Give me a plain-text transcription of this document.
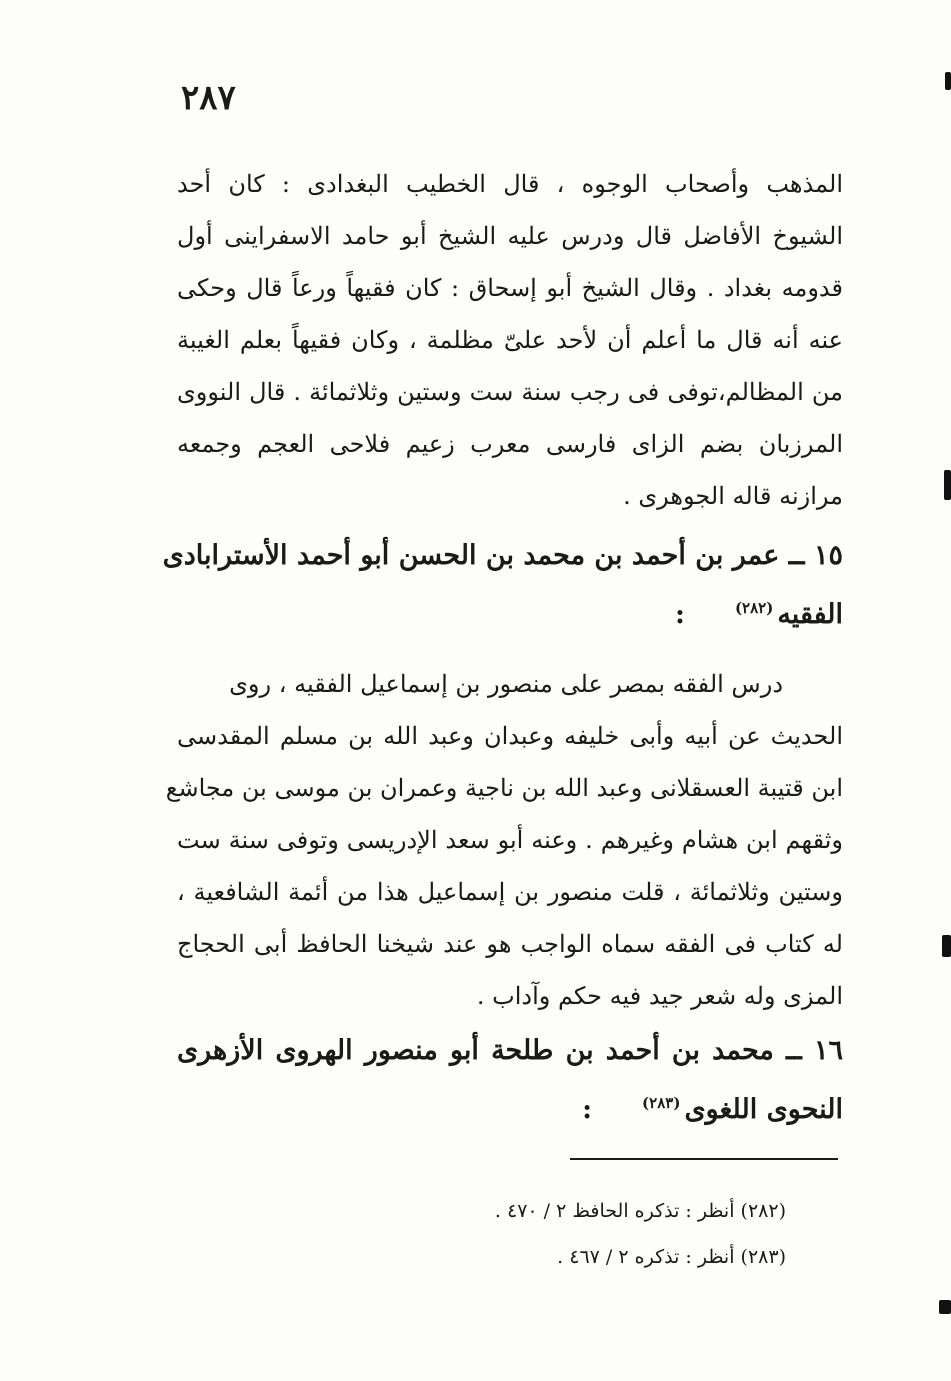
٢٨٧
المذهب وأصحاب الوجوه ، قال الخطيب البغدادى : كان أحد
الشيوخ الأفاضل قال ودرس عليه الشيخ أبو حامد الاسفراينى أول
قدومه بغداد . وقال الشيخ أبو إسحاق : كان فقيهاً ورعاً قال وحكى
عنه أنه قال ما أعلم أن لأحد علىّ مظلمة ، وكان فقيهاً بعلم الغيبة
من المظالم،توفى فى رجب سنة ست وستين وثلاثمائة . قال النووى
المرزبان بضم الزاى فارسى معرب زعيم فلاحى العجم وجمعه
مرازنه قاله الجوهرى .
١٥ ــ عمر بن أحمد بن محمد بن الحسن أبو أحمد الأسترابادى
الفقيه$^{(٢٨٢)}$:
درس الفقه بمصر على منصور بن إسماعيل الفقيه ، روى
الحديث عن أبيه وأبى خليفه وعبدان وعبد الله بن مسلم المقدسى
ابن قتيبة العسقلانى وعبد الله بن ناجية وعمران بن موسى بن مجاشع
وثقهم ابن هشام وغيرهم . وعنه أبو سعد الإدريسى وتوفى سنة ست
وستين وثلاثمائة ، قلت منصور بن إسماعيل هذا من أئمة الشافعية ،
له كتاب فى الفقه سماه الواجب هو عند شيخنا الحافظ أبى الحجاج
المزى وله شعر جيد فيه حكم وآداب .
١٦ ــ محمد بن أحمد بن طلحة أبو منصور الهروى الأزهرى
النحوى اللغوى$^{(٢٨٣)}$:
(٢٨٢) أنظر : تذكره الحافظ ٢ / ٤٧٠ .
(٢٨٣) أنظر : تذكره ٢ / ٤٦٧ .
